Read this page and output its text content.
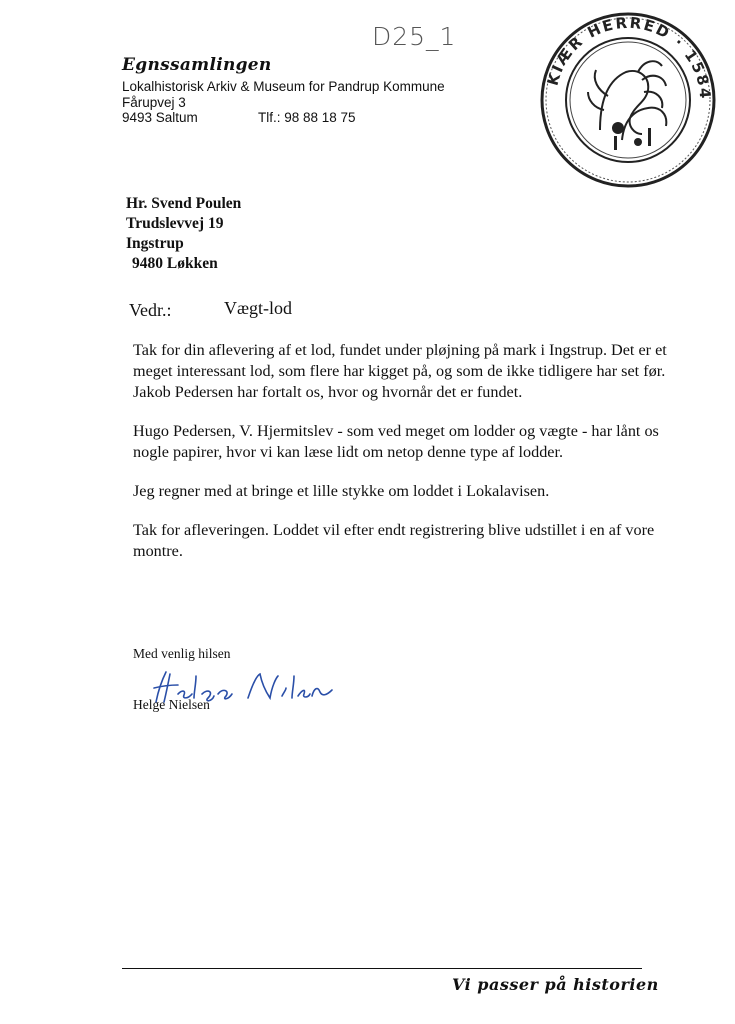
D25_1
Egnssamlingen
Lokalhistorisk Arkiv & Museum for Pandrup Kommune
Fårupvej 3
9493 Saltum	Tlf.: 98 88 18 75
KIÆR HERRED · 1584
Hr. Svend Poulen
Trudslevvej 19
Ingstrup
9480 Løkken
Vedr.:	Vægt-lod

Tak for din aflevering af et lod, fundet under pløjning på mark i Ingstrup. Det er et meget interessant lod, som flere har kigget på, og som de ikke tidligere har set før.
Jakob Pedersen har fortalt os, hvor og hvornår det er fundet.

Hugo Pedersen, V. Hjermitslev - som ved meget om lodder og vægte - har lånt os nogle papirer, hvor vi kan læse lidt om netop denne type af lodder.

Jeg regner med at bringe et lille stykke om loddet i Lokalavisen.

Tak for afleveringen. Loddet vil efter endt registrering blive udstillet i en af vore montre.

Med venlig hilsen
Helge Nielsen
Vi passer på historien
